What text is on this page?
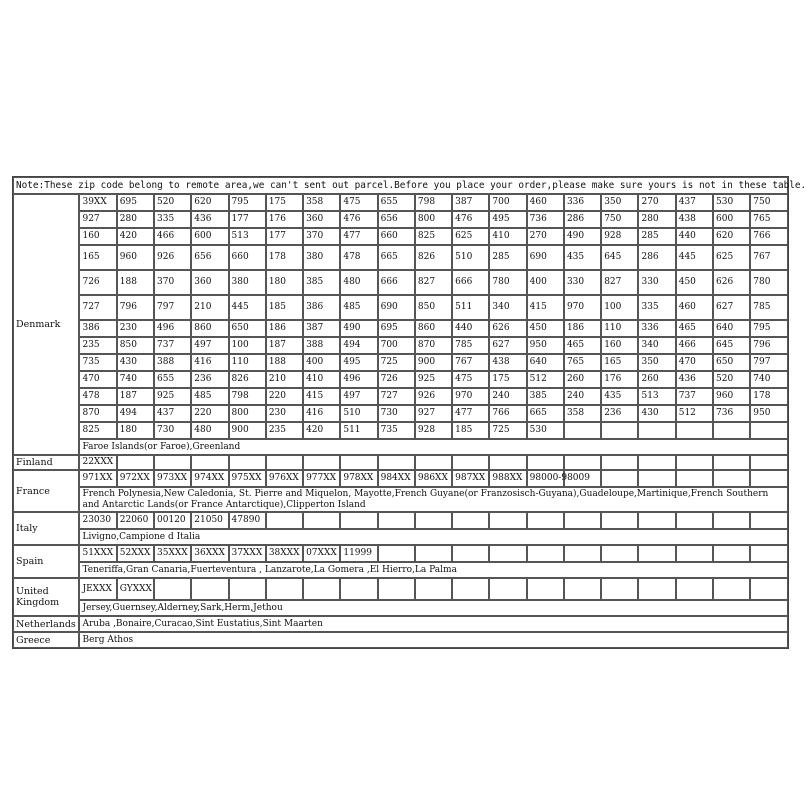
Note:These zip code belong to remote area,we can't sent out parcel.Before you place your order,please make sure yours is not in these table.																			
Denmark	39XX	695	520	620	795	175	358	475	655	798	387	700	460	336	350	270	437	530	750
	927	280	335	436	177	176	360	476	656	800	476	495	736	286	750	280	438	600	765
	160	420	466	600	513	177	370	477	660	825	625	410	270	490	928	285	440	620	766
	165	960	926	656	660	178	380	478	665	826	510	285	690	435	645	286	445	625	767
	726	188	370	360	380	180	385	480	666	827	666	780	400	330	827	330	450	626	780
	727	796	797	210	445	185	386	485	690	850	511	340	415	970	100	335	460	627	785
	386	230	496	860	650	186	387	490	695	860	440	626	450	186	110	336	465	640	795
	235	850	737	497	100	187	388	494	700	870	785	627	950	465	160	340	466	645	796
	735	430	388	416	110	188	400	495	725	900	767	438	640	765	165	350	470	650	797
	470	740	655	236	826	210	410	496	726	925	475	175	512	260	176	260	436	520	740
	478	187	925	485	798	220	415	497	727	926	970	240	385	240	435	513	737	960	178
	870	494	437	220	800	230	416	510	730	927	477	766	665	358	236	430	512	736	950
	825	180	730	480	900	235	420	511	735	928	185	725	530						
	Faroe Islands(or Faroe),Greenland																		
Finland	22XXX																		
France	971XX	972XX	973XX	974XX	975XX	976XX	977XX	978XX	984XX	986XX	987XX	988XX	98000-98009						
	French Polynesia,New Caledonia, St. Pierre and Miquelon, Mayotte,French Guyane(or Franzosisch-Guyana),Guadeloupe,Martinique,French Southern and Antarctic Lands(or France Antarctique),Clipperton Island																		
Italy	23030	22060	00120	21050	47890														
	Livigno,Campione d Italia																		
Spain	51XXX	52XXX	35XXX	36XXX	37XXX	38XXX	07XXX	11999											
	Teneriffa,Gran Canaria,Fuerteventura , Lanzarote,La Gomera ,El Hierro,La Palma																		
United Kingdom	JEXXX	GYXXX																	
	Jersey,Guernsey,Alderney,Sark,Herm,Jethou																		
Netherlands	Aruba ,Bonaire,Curacao,Sint Eustatius,Sint Maarten																		
Greece	Berg Athos																		
